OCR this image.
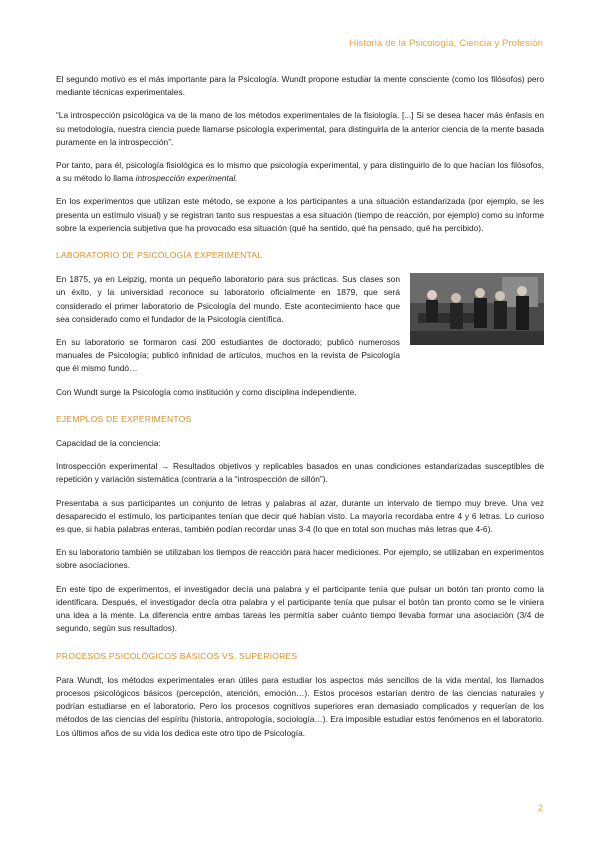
Historia de la Psicología, Ciencia y Profesión

El segundo motivo es el más importante para la Psicología. Wundt propone estudiar la mente consciente (como los filósofos) pero mediante técnicas experimentales.

“La introspección psicológica va de la mano de los métodos experimentales de la fisiología. [...] Si se desea hacer más énfasis en su metodología, nuestra ciencia puede llamarse psicología experimental, para distinguirla de la anterior ciencia de la mente basada puramente en la introspección”.

Por tanto, para él, psicología fisiológica es lo mismo que psicología experimental, y para distinguirlo de lo que hacían los filósofos, a su método lo llama introspección experimental.

En los experimentos que utilizan este método, se expone a los participantes a una situación estandarizada (por ejemplo, se les presenta un estímulo visual) y se registran tanto sus respuestas a esa situación (tiempo de reacción, por ejemplo) como su informe sobre la experiencia subjetiva que ha provocado esa situación (qué ha sentido, qué ha pensado, qué ha percibido).

LABORATORIO DE PSICOLOGÍA EXPERIMENTAL

En 1875, ya en Leipzig, monta un pequeño laboratorio para sus prácticas. Sus clases son un éxito, y la universidad reconoce su laboratorio oficialmente en 1879, que será considerado el primer laboratorio de Psicología del mundo. Este acontecimiento hace que sea considerado como el fundador de la Psicología científica.

En su laboratorio se formaron casi 200 estudiantes de doctorado; publicó numerosos manuales de Psicología; publicó infinidad de artículos, muchos en la revista de Psicología que él mismo fundó…

Con Wundt surge la Psicología como institución y como disciplina independiente.

EJEMPLOS DE EXPERIMENTOS

Capacidad de la conciencia:

Introspección experimental → Resultados objetivos y replicables basados en unas condiciones estandarizadas susceptibles de repetición y variación sistemática (contraria a la “introspección de sillón”).

Presentaba a sus participantes un conjunto de letras y palabras al azar, durante un intervalo de tiempo muy breve. Una vez desaparecido el estímulo, los participantes tenían que decir qué habían visto. La mayoría recordaba entre 4 y 6 letras. Lo curioso es que, si había palabras enteras, también podían recordar unas 3-4 (lo que en total son muchas más letras que 4-6).

En su laboratorio también se utilizaban los tiempos de reacción para hacer mediciones. Por ejemplo, se utilizaban en experimentos sobre asociaciones.

En este tipo de experimentos, el investigador decía una palabra y el participante tenía que pulsar un botón tan pronto como la identificara. Después, el investigador decía otra palabra y el participante tenía que pulsar el botón tan pronto como se le viniera una idea a la mente. La diferencia entre ambas tareas les permitía saber cuánto tiempo llevaba formar una asociación (3/4 de segundo, según sus resultados).

PROCESOS PSICOLÓGICOS BÁSICOS VS. SUPERIORES

Para Wundt, los métodos experimentales eran útiles para estudiar los aspectos más sencillos de la vida mental, los llamados procesos psicológicos básicos (percepción, atención, emoción…). Estos procesos estarían dentro de las ciencias naturales y podrían estudiarse en el laboratorio. Pero los procesos cognitivos superiores eran demasiado complicados y requerían de los métodos de las ciencias del espíritu (historia, antropología, sociología…). Era imposible estudiar estos fenómenos en el laboratorio. Los últimos años de su vida los dedica este otro tipo de Psicología.

2
